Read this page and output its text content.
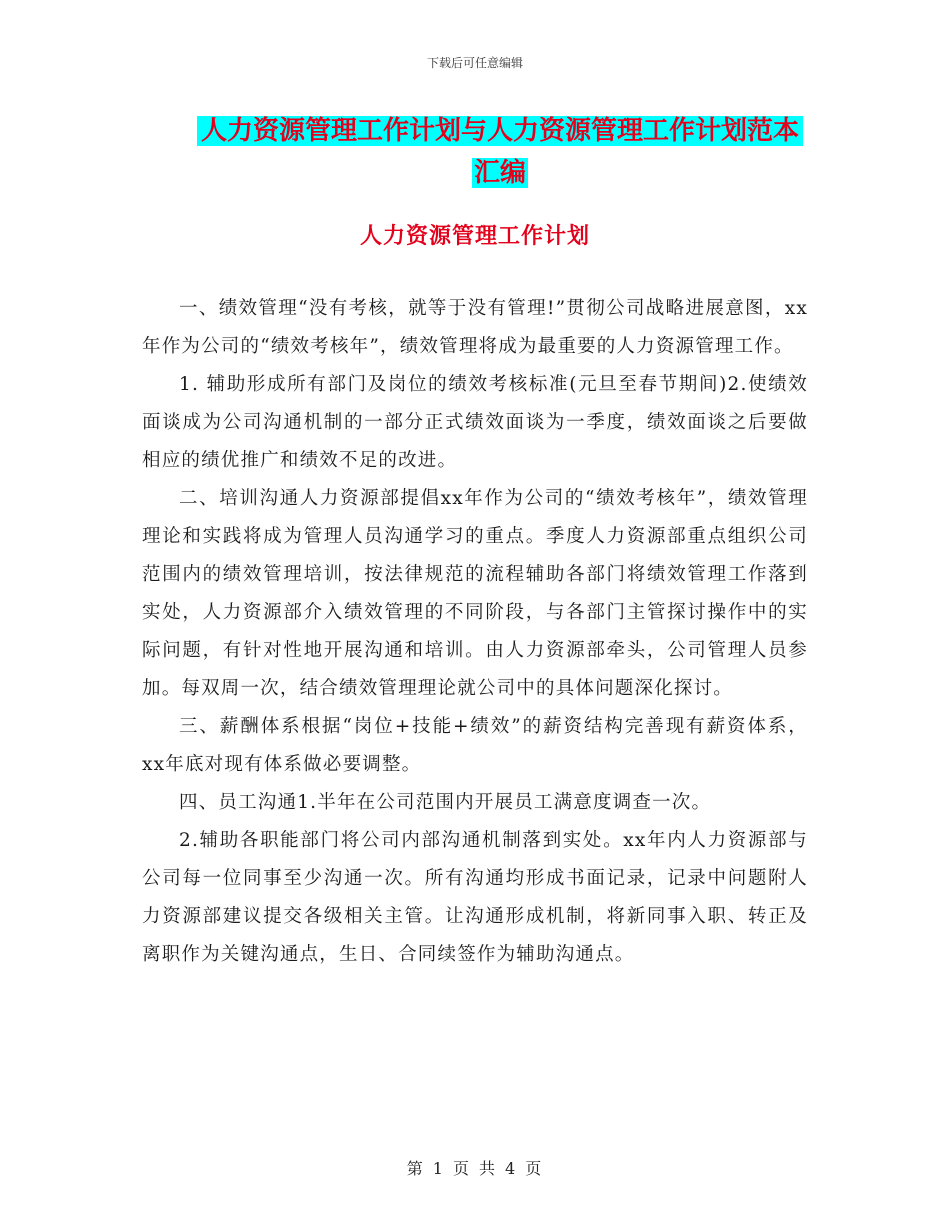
下载后可任意编辑
人力资源管理工作计划与人力资源管理工作计划范本
汇编
人力资源管理工作计划

一、绩效管理“没有考核，就等于没有管理!”贯彻公司战略进展意图，xx年作为公司的“绩效考核年”，绩效管理将成为最重要的人力资源管理工作。

1. 辅助形成所有部门及岗位的绩效考核标准(元旦至春节期间)2.使绩效面谈成为公司沟通机制的一部分正式绩效面谈为一季度，绩效面谈之后要做相应的绩优推广和绩效不足的改进。

二、培训沟通人力资源部提倡xx年作为公司的“绩效考核年”，绩效管理理论和实践将成为管理人员沟通学习的重点。季度人力资源部重点组织公司范围内的绩效管理培训，按法律规范的流程辅助各部门将绩效管理工作落到实处，人力资源部介入绩效管理的不同阶段，与各部门主管探讨操作中的实际问题，有针对性地开展沟通和培训。由人力资源部牵头，公司管理人员参加。每双周一次，结合绩效管理理论就公司中的具体问题深化探讨。

三、薪酬体系根据“岗位+技能+绩效”的薪资结构完善现有薪资体系，xx年底对现有体系做必要调整。

四、员工沟通1.半年在公司范围内开展员工满意度调查一次。

2.辅助各职能部门将公司内部沟通机制落到实处。xx年内人力资源部与公司每一位同事至少沟通一次。所有沟通均形成书面记录，记录中问题附人力资源部建议提交各级相关主管。让沟通形成机制，将新同事入职、转正及离职作为关键沟通点，生日、合同续签作为辅助沟通点。

第 1 页 共 4 页
